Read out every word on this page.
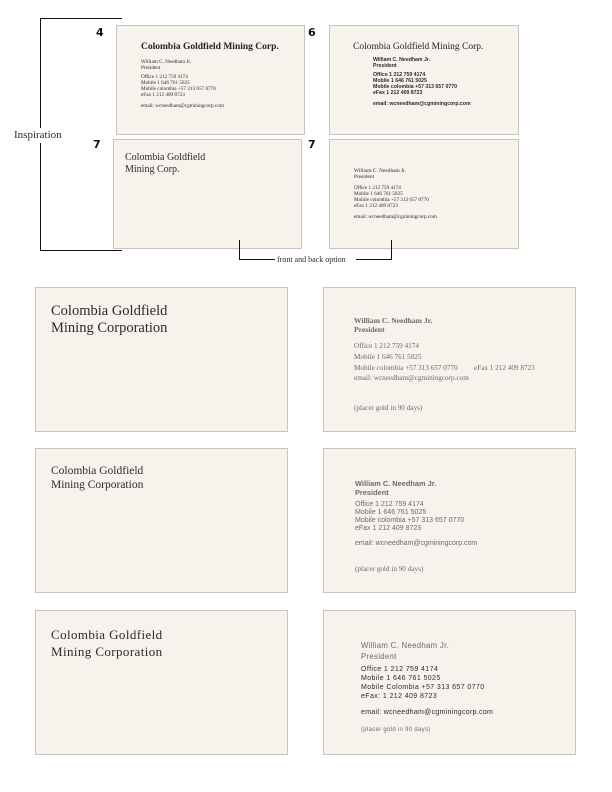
Inspiration
4	6
7	7
Colombia Goldfield Mining Corp.
William C. Needham Jr.
President
Office 1 212 759 4174
Mobile 1 646 761 5025
Mobile colombia +57 313 657 0770
eFax 1 212 409 8723
email: wcneedham@cgminingcorp.com
Colombia Goldfield Mining Corp.
William C. Needham Jr.
President
Office 1 212 759 4174
Mobile 1 646 761 5025
Mobile colombia +57 313 657 0770
eFax 1 212 409 8723
email: wcneedham@cgminingcorp.com
Colombia Goldfield
Mining Corp.	William C. Needham Jr.
President
Office 1 212 759 4174
Mobile 1 646 761 5025
Mobile colombia +57 313 657 0770
eFax 1 212 409 8723
email: wcneedham@cgminingcorp.com
front and back option
Colombia Goldfield
Mining Corporation	William C. Needham Jr.
President
Office 1 212 759 4174
Mobile 1 646 761 5025
Mobile colombia +57 313 657 0770 eFax 1 212 409 8723
email: wcneedham@cgminingcorp.com
(placer gold in 90 days)
Colombia Goldfield
Mining Corporation	William C. Needham Jr.
President
Office 1 212 759 4174
Mobile 1 646 761 5025
Mobile colombia +57 313 657 0770
eFax 1 212 409 8723
email: wcneedham@cgminingcorp.com
(placer gold in 90 days)
Colombia Goldfield
Mining Corporation	William C. Needham Jr.
President
Office 1 212 759 4174
Mobile 1 646 761 5025
Mobile Colombia +57 313 657 0770
eFax: 1 212 409 8723
email: wcneedham@cgminingcorp.com
(placer gold in 90 days)
